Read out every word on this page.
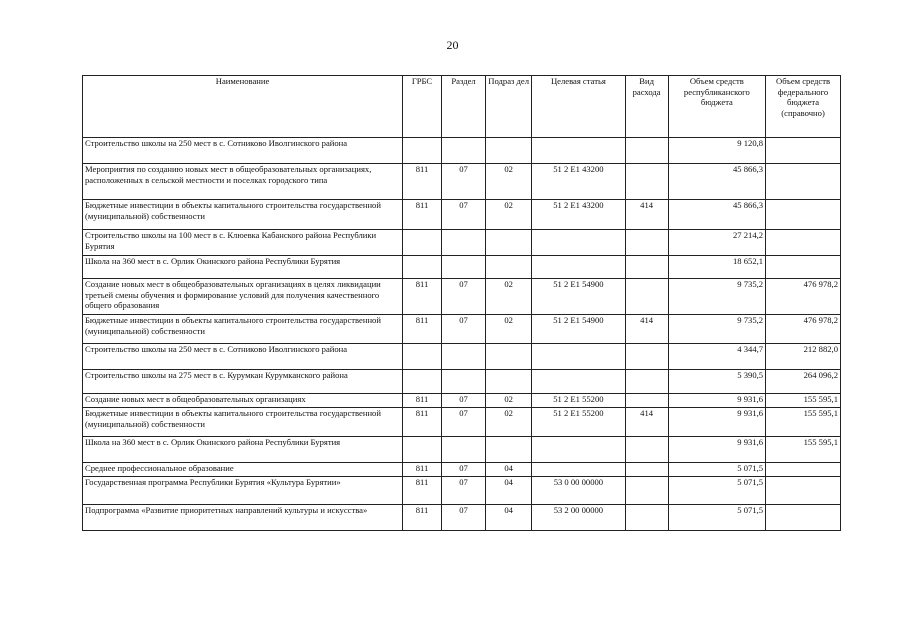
20
Наименование	ГРБС	Раздел	Подраз дел	Целевая статья	Вид расхода	Объем средств республиканского бюджета	Объем средств федерального бюджета (справочно)
Строительство школы на 250 мест в с. Сотниково Иволгинского района						9 120,8	
Мероприятия по созданию новых мест в общеобразовательных организациях, расположенных в сельской местности и поселках городского типа	811	07	02	51 2 E1 43200		45 866,3	
Бюджетные инвестиции в объекты капитального строительства государственной (муниципальной) собственности	811	07	02	51 2 E1 43200	414	45 866,3	
Строительство школы на 100 мест в с. Клюевка Кабанского района Республики Бурятия						27 214,2	
Школа на 360 мест в с. Орлик Окинского района Республики Бурятия						18 652,1	
Создание новых мест в общеобразовательных организациях в целях ликвидации третьей смены обучения и формирование условий для получения качественного общего образования	811	07	02	51 2 E1 54900		9 735,2	476 978,2
Бюджетные инвестиции в объекты капитального строительства государственной (муниципальной) собственности	811	07	02	51 2 E1 54900	414	9 735,2	476 978,2
Строительство школы на 250 мест в с. Сотниково Иволгинского района						4 344,7	212 882,0
Строительство школы на 275 мест в с. Курумкан Курумканского района						5 390,5	264 096,2
Создание новых мест в общеобразовательных организациях	811	07	02	51 2 E1 55200		9 931,6	155 595,1
Бюджетные инвестиции в объекты капитального строительства государственной (муниципальной) собственности	811	07	02	51 2 E1 55200	414	9 931,6	155 595,1
Школа на 360 мест в с. Орлик Окинского района Республики Бурятия						9 931,6	155 595,1
Среднее профессиональное образование	811	07	04			5 071,5	
Государственная программа Республики Бурятия «Культура Бурятии»	811	07	04	53 0 00 00000		5 071,5	
Подпрограмма «Развитие приоритетных направлений культуры и искусства»	811	07	04	53 2 00 00000		5 071,5	
